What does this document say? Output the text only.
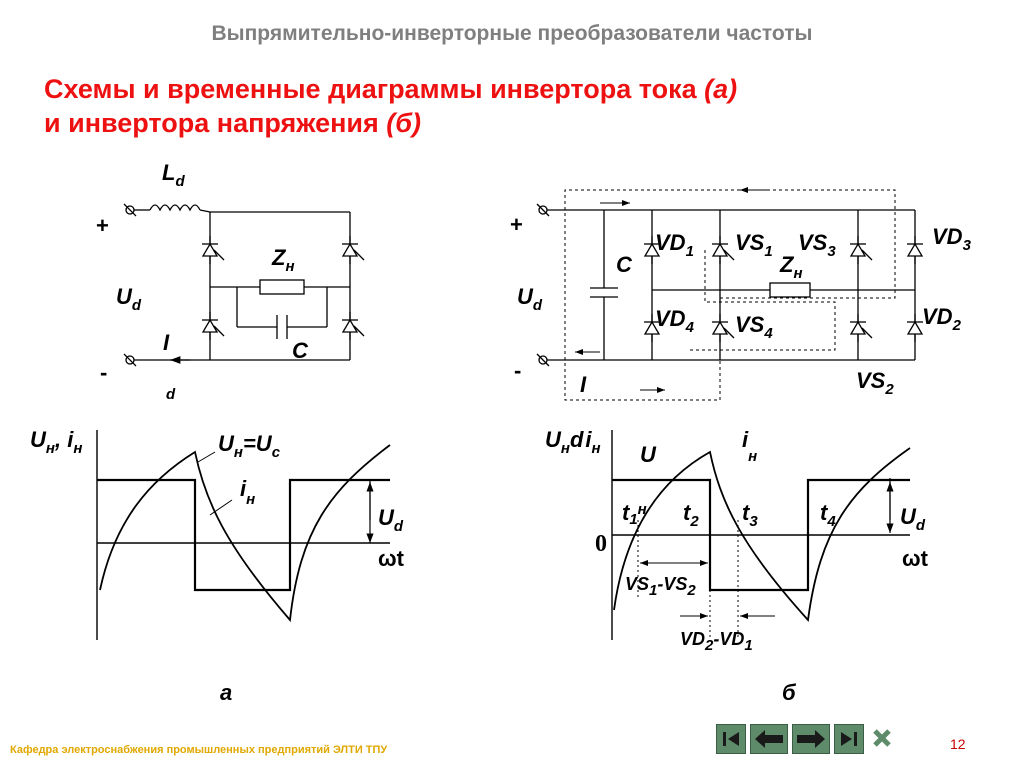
Выпрямительно-инверторные преобразователи частоты
Схемы и временные диаграммы инвертора тока (а)
и инвертора напряжения (б)
+
-
$L_d$
$Z_н$
$U_d$
I
d
C
+
-
C
$U_d$
I
$VD_1$ $VS_1$
$Z_н$
$VS_3$
$VD_3$
$VD_4$ $VS_4$
$VD_2$
$VS_2$
$U_н$, $i_н$	$U_н=U_c$
$i_н$
$U_d$
ωt
а
$U_нdi_н$ U
$i_н$
$t1^н$ $t_2$ $t_3$	$t_4$
0
$U_d$
ωt
$VS_1-VS_2$
$VD_2-VD_1$
б
Кафедра электроснабжения промышленных предприятий ЭЛТИ ТПУ	12
